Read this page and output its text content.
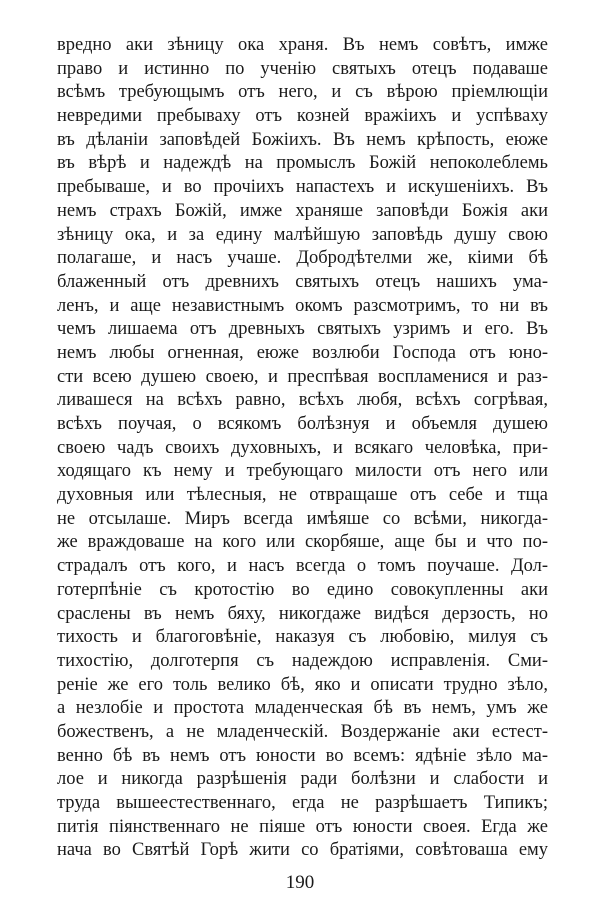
вредно аки зѣницу ока храня. Въ немъ совѣтъ, имже
право и истинно по ученію святыхъ отецъ подаваше
всѣмъ требующымъ отъ него, и съ вѣрою пріемлющіи
невредими пребываху отъ козней вражіихъ и успѣваху
въ дѣланіи заповѣдей Божіихъ. Въ немъ крѣпость, еюже
въ вѣрѣ и надеждѣ на промыслъ Божій непоколеблемь
пребываше, и во прочіихъ напастехъ и искушеніихъ. Въ
немъ страхъ Божій, имже храняше заповѣди Божія аки
зѣницу ока, и за едину малѣйшую заповѣдь душу свою
полагаше, и насъ учаше. Добродѣтелми же, кіими бѣ
блаженный отъ древнихъ святыхъ отецъ нашихъ ума-
ленъ, и аще независтнымъ окомъ разсмотримъ, то ни въ
чемъ лишаема отъ древныхъ святыхъ узримъ и его. Въ
немъ любы огненная, еюже возлюби Господа отъ юно-
сти всею душею своею, и преспѣвая воспламенися и раз-
ливашеся на всѣхъ равно, всѣхъ любя, всѣхъ согрѣвая,
всѣхъ поучая, о всякомъ болѣзнуя и объемля душею
своею чадъ своихъ духовныхъ, и всякаго человѣка, при-
ходящаго къ нему и требующаго милости отъ него или
духовныя или тѣлесныя, не отвращаше отъ себе и тща
не отсылаше. Миръ всегда имѣяше со всѣми, никогда-
же враждоваше на кого или скорбяше, аще бы и что по-
страдалъ отъ кого, и насъ всегда о томъ поучаше. Дол-
готерпѣніе съ кротостію во едино совокупленны аки
сраслены въ немъ бяху, никогдаже видѣся дерзость, но
тихость и благоговѣніе, наказуя съ любовію, милуя съ
тихостію, долготерпя съ надеждою исправленія. Сми-
реніе же его толь велико бѣ, яко и описати трудно зѣло,
а незлобіе и простота младенческая бѣ въ немъ, умъ же
божественъ, а не младенческій. Воздержаніе аки естест-
венно бѣ въ немъ отъ юности во всемъ: ядѣніе зѣло ма-
лое и никогда разрѣшенія ради болѣзни и слабости и
труда вышеестественнаго, егда не разрѣшаетъ Типикъ;
питія піянственнаго не піяше отъ юности своея. Егда же
нача во Святѣй Горѣ жити со братіями, совѣтоваша ему
190
